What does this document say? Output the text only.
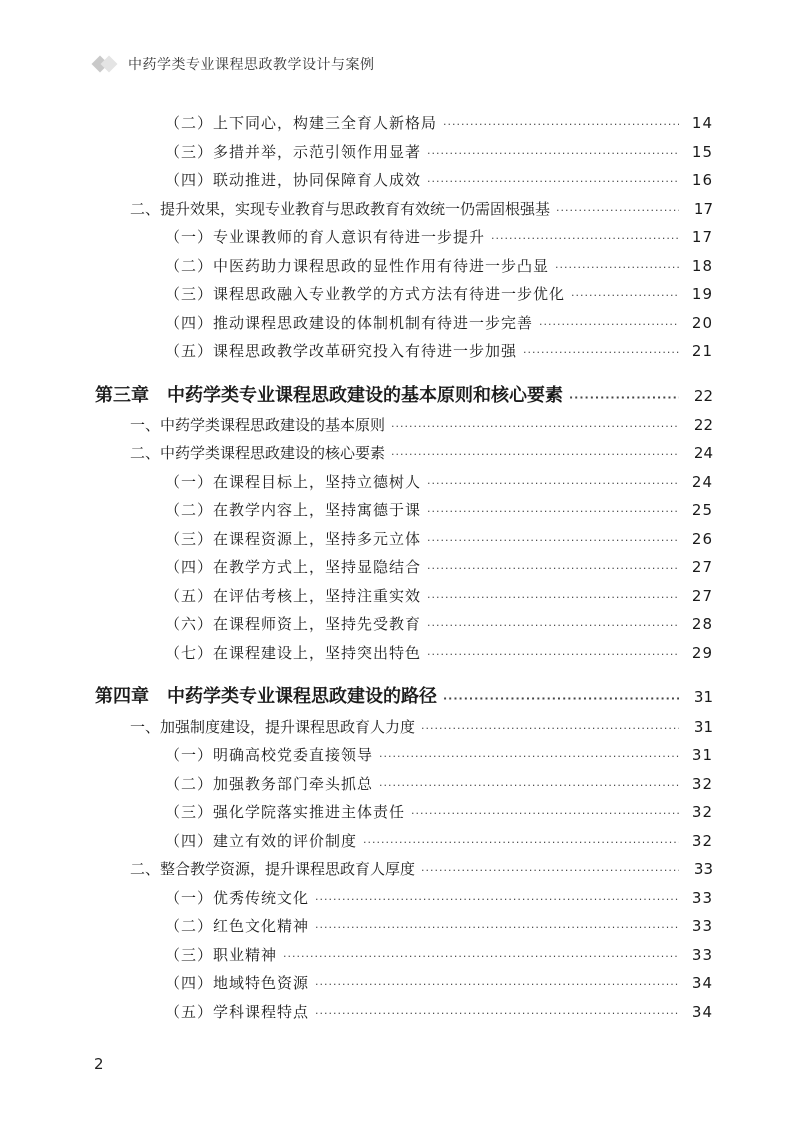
中药学类专业课程思政教学设计与案例
（二）上下同心，构建三全育人新格局 ·····	14
（三）多措并举，示范引领作用显著 ·····	15
（四）联动推进，协同保障育人成效 ·····	16
二、提升效果，实现专业教育与思政教育有效统一仍需固根强基 ·····	17
（一）专业课教师的育人意识有待进一步提升 ·····	17
（二）中医药助力课程思政的显性作用有待进一步凸显 ·····	18
（三）课程思政融入专业教学的方式方法有待进一步优化 ·····	19
（四）推动课程思政建设的体制机制有待进一步完善 ·····	20
（五）课程思政教学改革研究投入有待进一步加强 ·····	21
第三章　中药学类专业课程思政建设的基本原则和核心要素 ·····	22
一、中药学类课程思政建设的基本原则 ·····	22
二、中药学类课程思政建设的核心要素 ·····	24
（一）在课程目标上，坚持立德树人 ·····	24
（二）在教学内容上，坚持寓德于课 ·····	25
（三）在课程资源上，坚持多元立体 ·····	26
（四）在教学方式上，坚持显隐结合 ·····	27
（五）在评估考核上，坚持注重实效 ·····	27
（六）在课程师资上，坚持先受教育 ·····	28
（七）在课程建设上，坚持突出特色 ·····	29
第四章　中药学类专业课程思政建设的路径 ·····	31
一、加强制度建设，提升课程思政育人力度 ·····	31
（一）明确高校党委直接领导 ·····	31
（二）加强教务部门牵头抓总 ·····	32
（三）强化学院落实推进主体责任 ·····	32
（四）建立有效的评价制度 ·····	32
二、整合教学资源，提升课程思政育人厚度 ·····	33
（一）优秀传统文化 ·····	33
（二）红色文化精神 ·····	33
（三）职业精神 ·····	33
（四）地域特色资源 ·····	34
（五）学科课程特点 ·····	34
2
